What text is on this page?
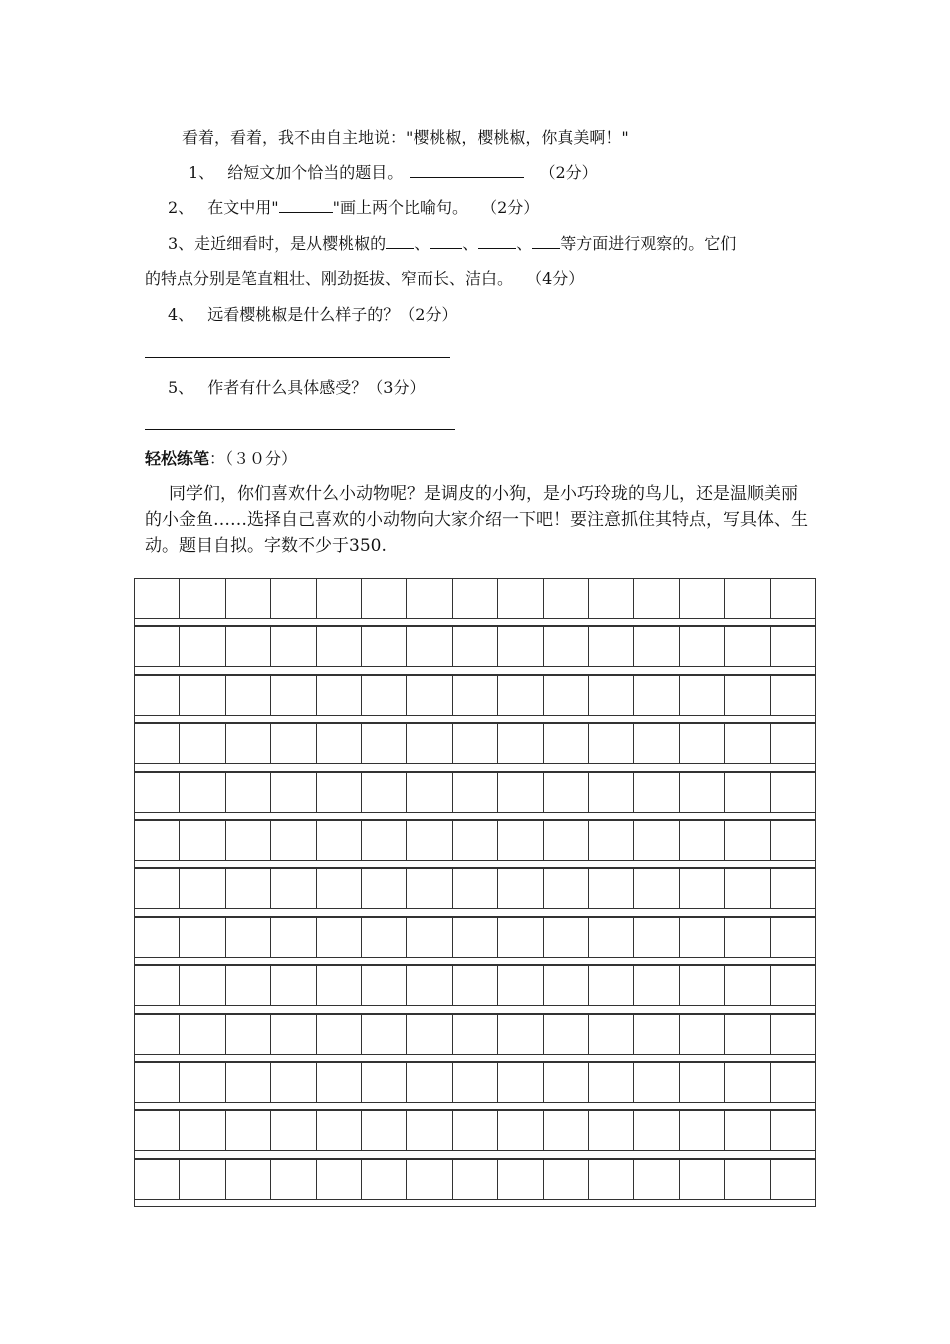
看着，看着，我不由自主地说："樱桃椒，樱桃椒，你真美啊！"
1、 给短文加个恰当的题目。	（2分）
2、 在文中用"	"画上两个比喻句。 （2分）
3、走近细看时，是从樱桃椒的 、 、 、 等方面进行观察的。它们
的特点分别是笔直粗壮、刚劲挺拔、窄而长、洁白。 （4分）
4、 远看樱桃椒是什么样子的？（2分）
5、 作者有什么具体感受？（3分）
轻松练笔：（３０分）
同学们，你们喜欢什么小动物呢？是调皮的小狗，是小巧玲珑的鸟儿，还是温顺美丽的小金鱼……选择自己喜欢的小动物向大家介绍一下吧！要注意抓住其特点，写具体、生动。题目自拟。字数不少于350.
